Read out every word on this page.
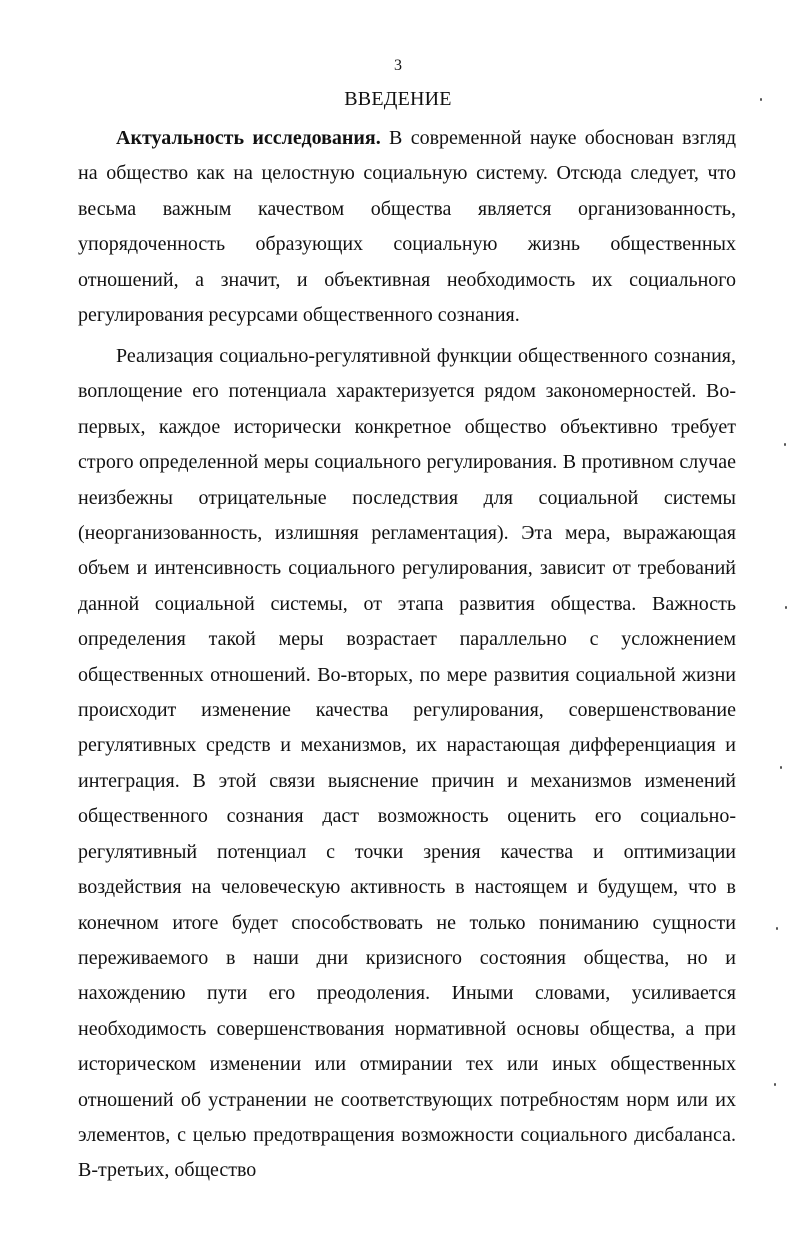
3
ВВЕДЕНИЕ

Актуальность исследования. В современной науке обоснован взгляд на общество как на целостную социальную систему. Отсюда следует, что весьма важным качеством общества является организованность, упорядоченность образующих социальную жизнь общественных отношений, а значит, и объективная необходимость их социального регулирования ресурсами общественного сознания.

Реализация социально-регулятивной функции общественного сознания, воплощение его потенциала характеризуется рядом закономерностей. Во-первых, каждое исторически конкретное общество объективно требует строго определенной меры социального регулирования. В противном случае неизбежны отрицательные последствия для социальной системы (неорганизованность, излишняя регламентация). Эта мера, выражающая объем и интенсивность социального регулирования, зависит от требований данной социальной системы, от этапа развития общества. Важность определения такой меры возрастает параллельно с усложнением общественных отношений. Во-вторых, по мере развития социальной жизни происходит изменение качества регулирования, совершенствование регулятивных средств и механизмов, их нарастающая дифференциация и интеграция. В этой связи выяснение причин и механизмов изменений общественного сознания даст возможность оценить его социально-регулятивный потенциал с точки зрения качества и оптимизации воздействия на человеческую активность в настоящем и будущем, что в конечном итоге будет способствовать не только пониманию сущности переживаемого в наши дни кризисного состояния общества, но и нахождению пути его преодоления. Иными словами, усиливается необходимость совершенствования нормативной основы общества, а при историческом изменении или отмирании тех или иных общественных отношений об устранении не соответствующих потребностям норм или их элементов, с целью предотвращения возможности социального дисбаланса. В-третьих, общество
